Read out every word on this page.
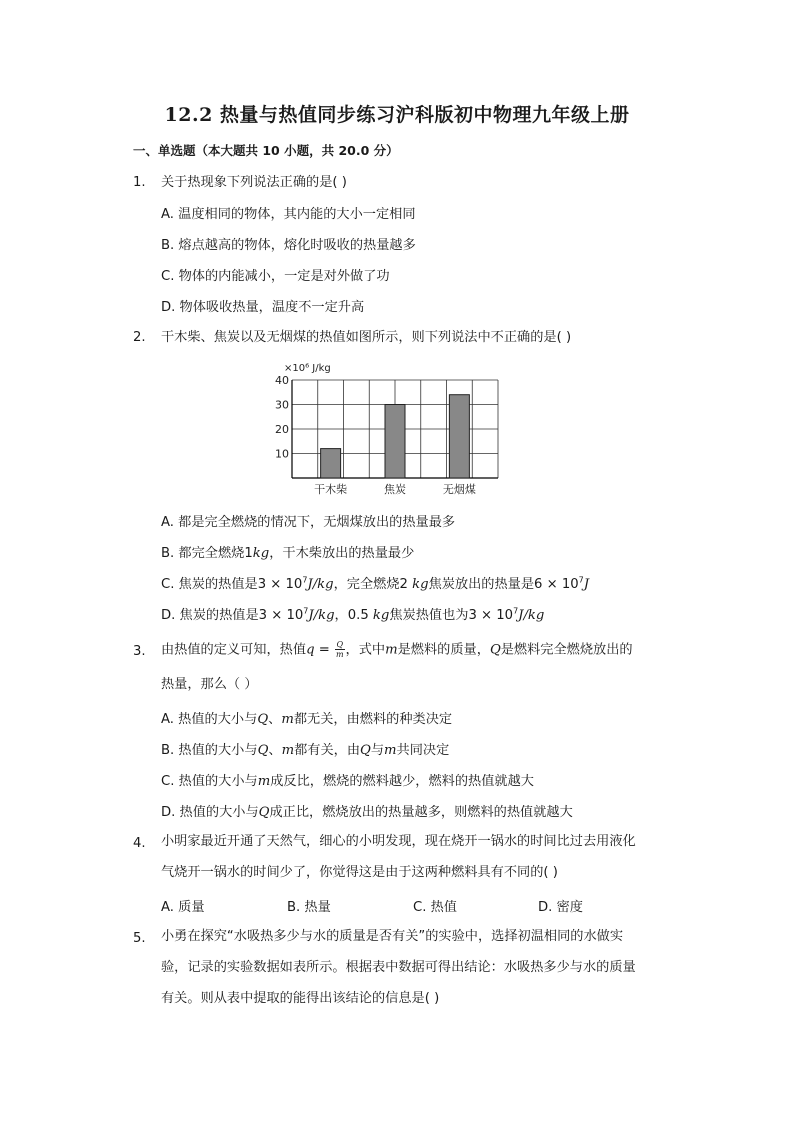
12.2 热量与热值同步练习沪科版初中物理九年级上册
一、单选题（本大题共 10 小题，共 20.0 分）
1. 关于热现象下列说法正确的是( )
A. 温度相同的物体，其内能的大小一定相同
B. 熔点越高的物体，熔化时吸收的热量越多
C. 物体的内能减小，一定是对外做了功
D. 物体吸收热量，温度不一定升高
2. 干木柴、焦炭以及无烟煤的热值如图所示，则下列说法中不正确的是( )
×10⁶ J/kg
10
20
30
40
干木柴	焦炭	无烟煤
A. 都是完全燃烧的情况下，无烟煤放出的热量最多
B. 都完全燃烧1kg，干木柴放出的热量最少
C. 焦炭的热值是$3 \times 10^7J/kg$，完全燃烧2 kg焦炭放出的热量是$6 \times 10^7J$
D. 焦炭的热值是$3 \times 10^7J/kg$，0.5 kg焦炭热值也为$3 \times 10^7J/kg$
3. 由热值的定义可知，热值$q = \frac{Q}{m}$ ，式中m是燃料的质量，Q是燃料完全燃烧放出的
热量，那么（ ）
A. 热值的大小与Q、m都无关，由燃料的种类决定
B. 热值的大小与Q、m都有关，由Q与m共同决定
C. 热值的大小与m成反比，燃烧的燃料越少，燃料的热值就越大
D. 热值的大小与Q成正比，燃烧放出的热量越多，则燃料的热值就越大
4. 小明家最近开通了天然气，细心的小明发现，现在烧开一锅水的时间比过去用液化
气烧开一锅水的时间少了，你觉得这是由于这两种燃料具有不同的( )
A. 质量	B. 热量	C. 热值	D. 密度
5. 小勇在探究“水吸热多少与水的质量是否有关”的实验中，选择初温相同的水做实
验，记录的实验数据如表所示。根据表中数据可得出结论：水吸热多少与水的质量
有关。则从表中提取的能得出该结论的信息是( )
